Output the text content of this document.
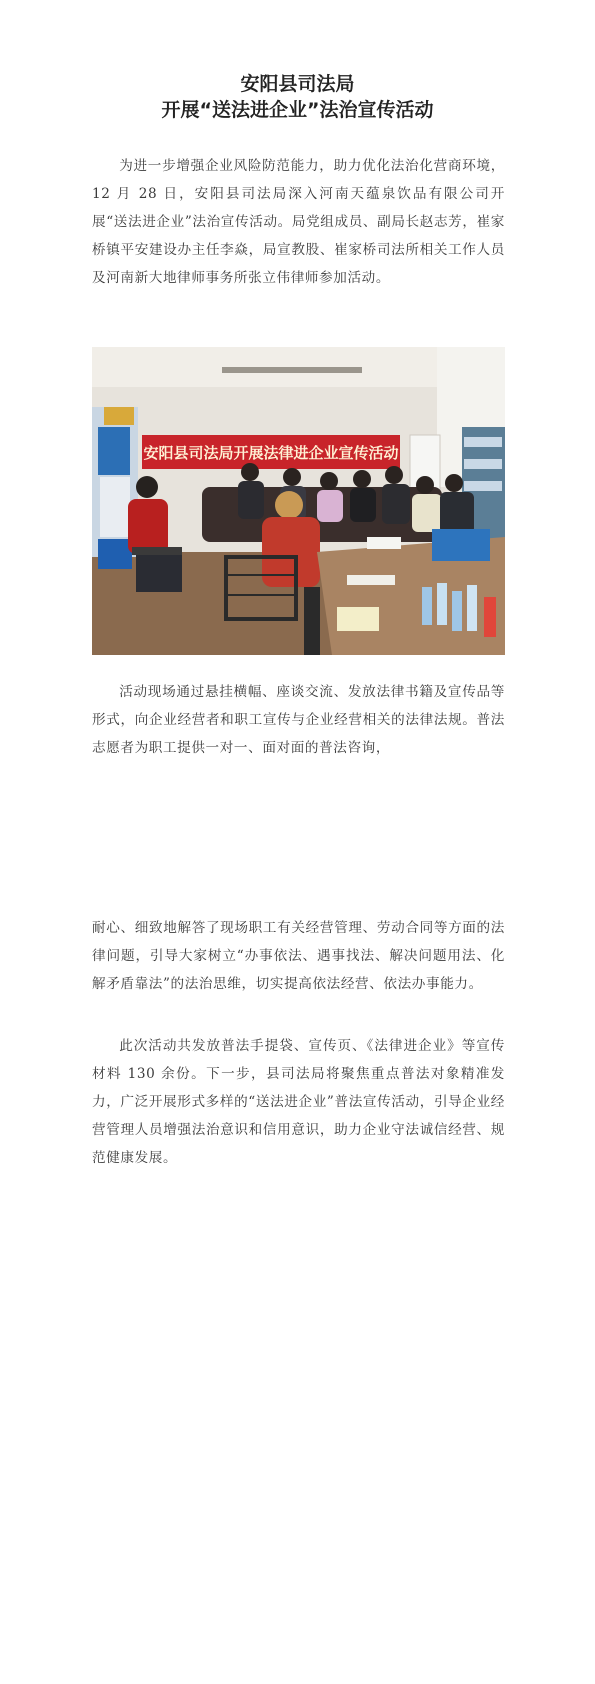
安阳县司法局
开展“送法进企业”法治宣传活动

为进一步增强企业风险防范能力，助力优化法治化营商环境，12 月 28 日，安阳县司法局深入河南天蕴泉饮品有限公司开展“送法进企业”法治宣传活动。局党组成员、副局长赵志芳，崔家桥镇平安建设办主任李焱，局宣教股、崔家桥司法所相关工作人员及河南新大地律师事务所张立伟律师参加活动。

安阳县司法局开展法律进企业宣传活动

活动现场通过悬挂横幅、座谈交流、发放法律书籍及宣传品等形式，向企业经营者和职工宣传与企业经营相关的法律法规。普法志愿者为职工提供一对一、面对面的普法咨询，

耐心、细致地解答了现场职工有关经营管理、劳动合同等方面的法律问题，引导大家树立“办事依法、遇事找法、解决问题用法、化解矛盾靠法”的法治思维，切实提高依法经营、依法办事能力。

此次活动共发放普法手提袋、宣传页、《法律进企业》等宣传材料 130 余份。下一步，县司法局将聚焦重点普法对象精准发力，广泛开展形式多样的“送法进企业”普法宣传活动，引导企业经营管理人员增强法治意识和信用意识，助力企业守法诚信经营、规范健康发展。
